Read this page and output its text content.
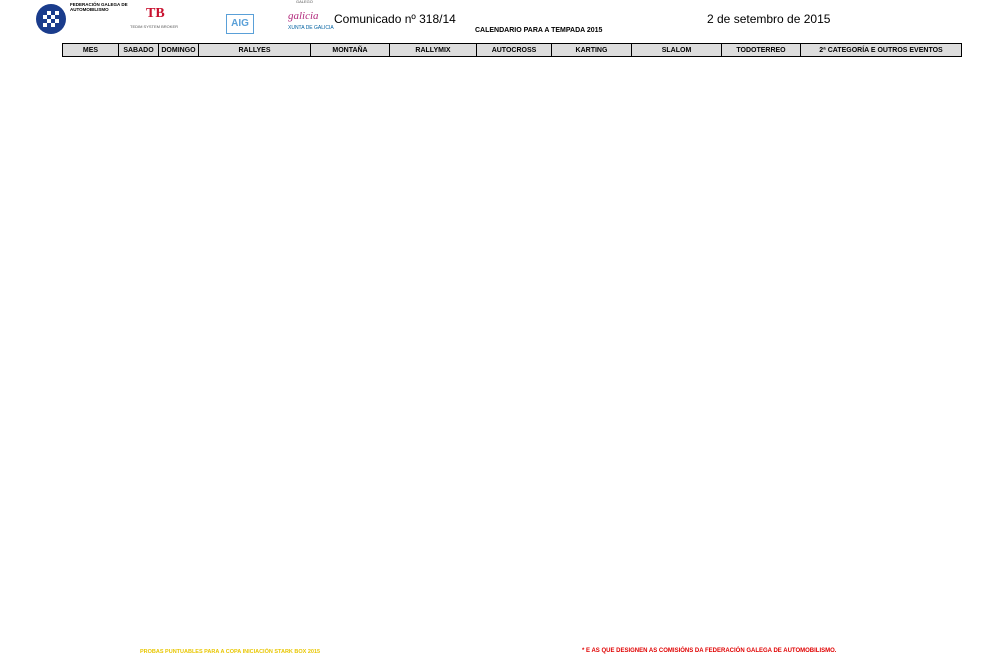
FEDERACIÓN GALEGA DE AUTOMOBILISMO	TB
TEDIM SYSTEM BROKER	AIG
GALEGO
galicia
XUNTA DE GALICIA
Comunicado nº 318/14	2 de setembro de 2015
CALENDARIO PARA A TEMPADA 2015
MES	SABADO	DOMINGO	RALLYES	MONTAÑA	RALLYMIX	AUTOCROSS	KARTING	SLALOM	TODOTERREO	2ª CATEGORÍA E OUTROS EVENTOS
PROBAS PUNTUABLES PARA A COPA INICIACIÓN STARK BOX 2015	* E AS QUE DESIGNEN AS COMISIÓNS DA FEDERACIÓN GALEGA DE AUTOMOBILISMO.
